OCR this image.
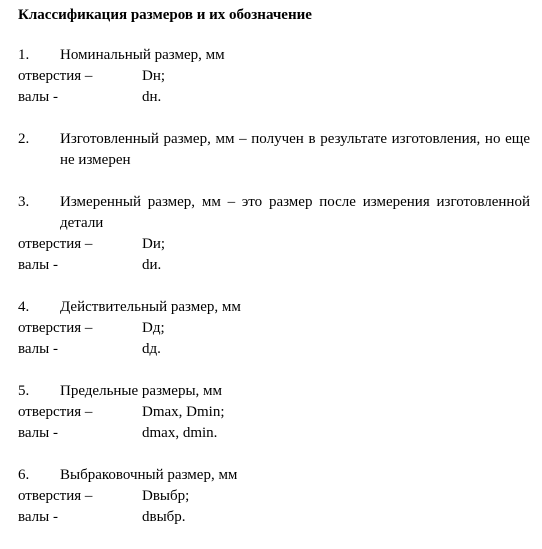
Классификация размеров и их обозначение
1.	Номинальный размер, мм
отверстия –	Dн;
валы -	dн.
2.	Изготовленный размер, мм – получен в результате изготовления, но еще не измерен
3.	Измеренный размер, мм – это размер после измерения изготовленной детали
отверстия –	Dи;
валы -	dи.
4.	Действительный размер, мм
отверстия –	Dд;
валы -	dд.
5.	Предельные размеры, мм
отверстия –	Dmax, Dmin;
валы -	dmax, dmin.
6.	Выбраковочный размер, мм
отверстия –	Dвыбр;
валы -	dвыбр.
